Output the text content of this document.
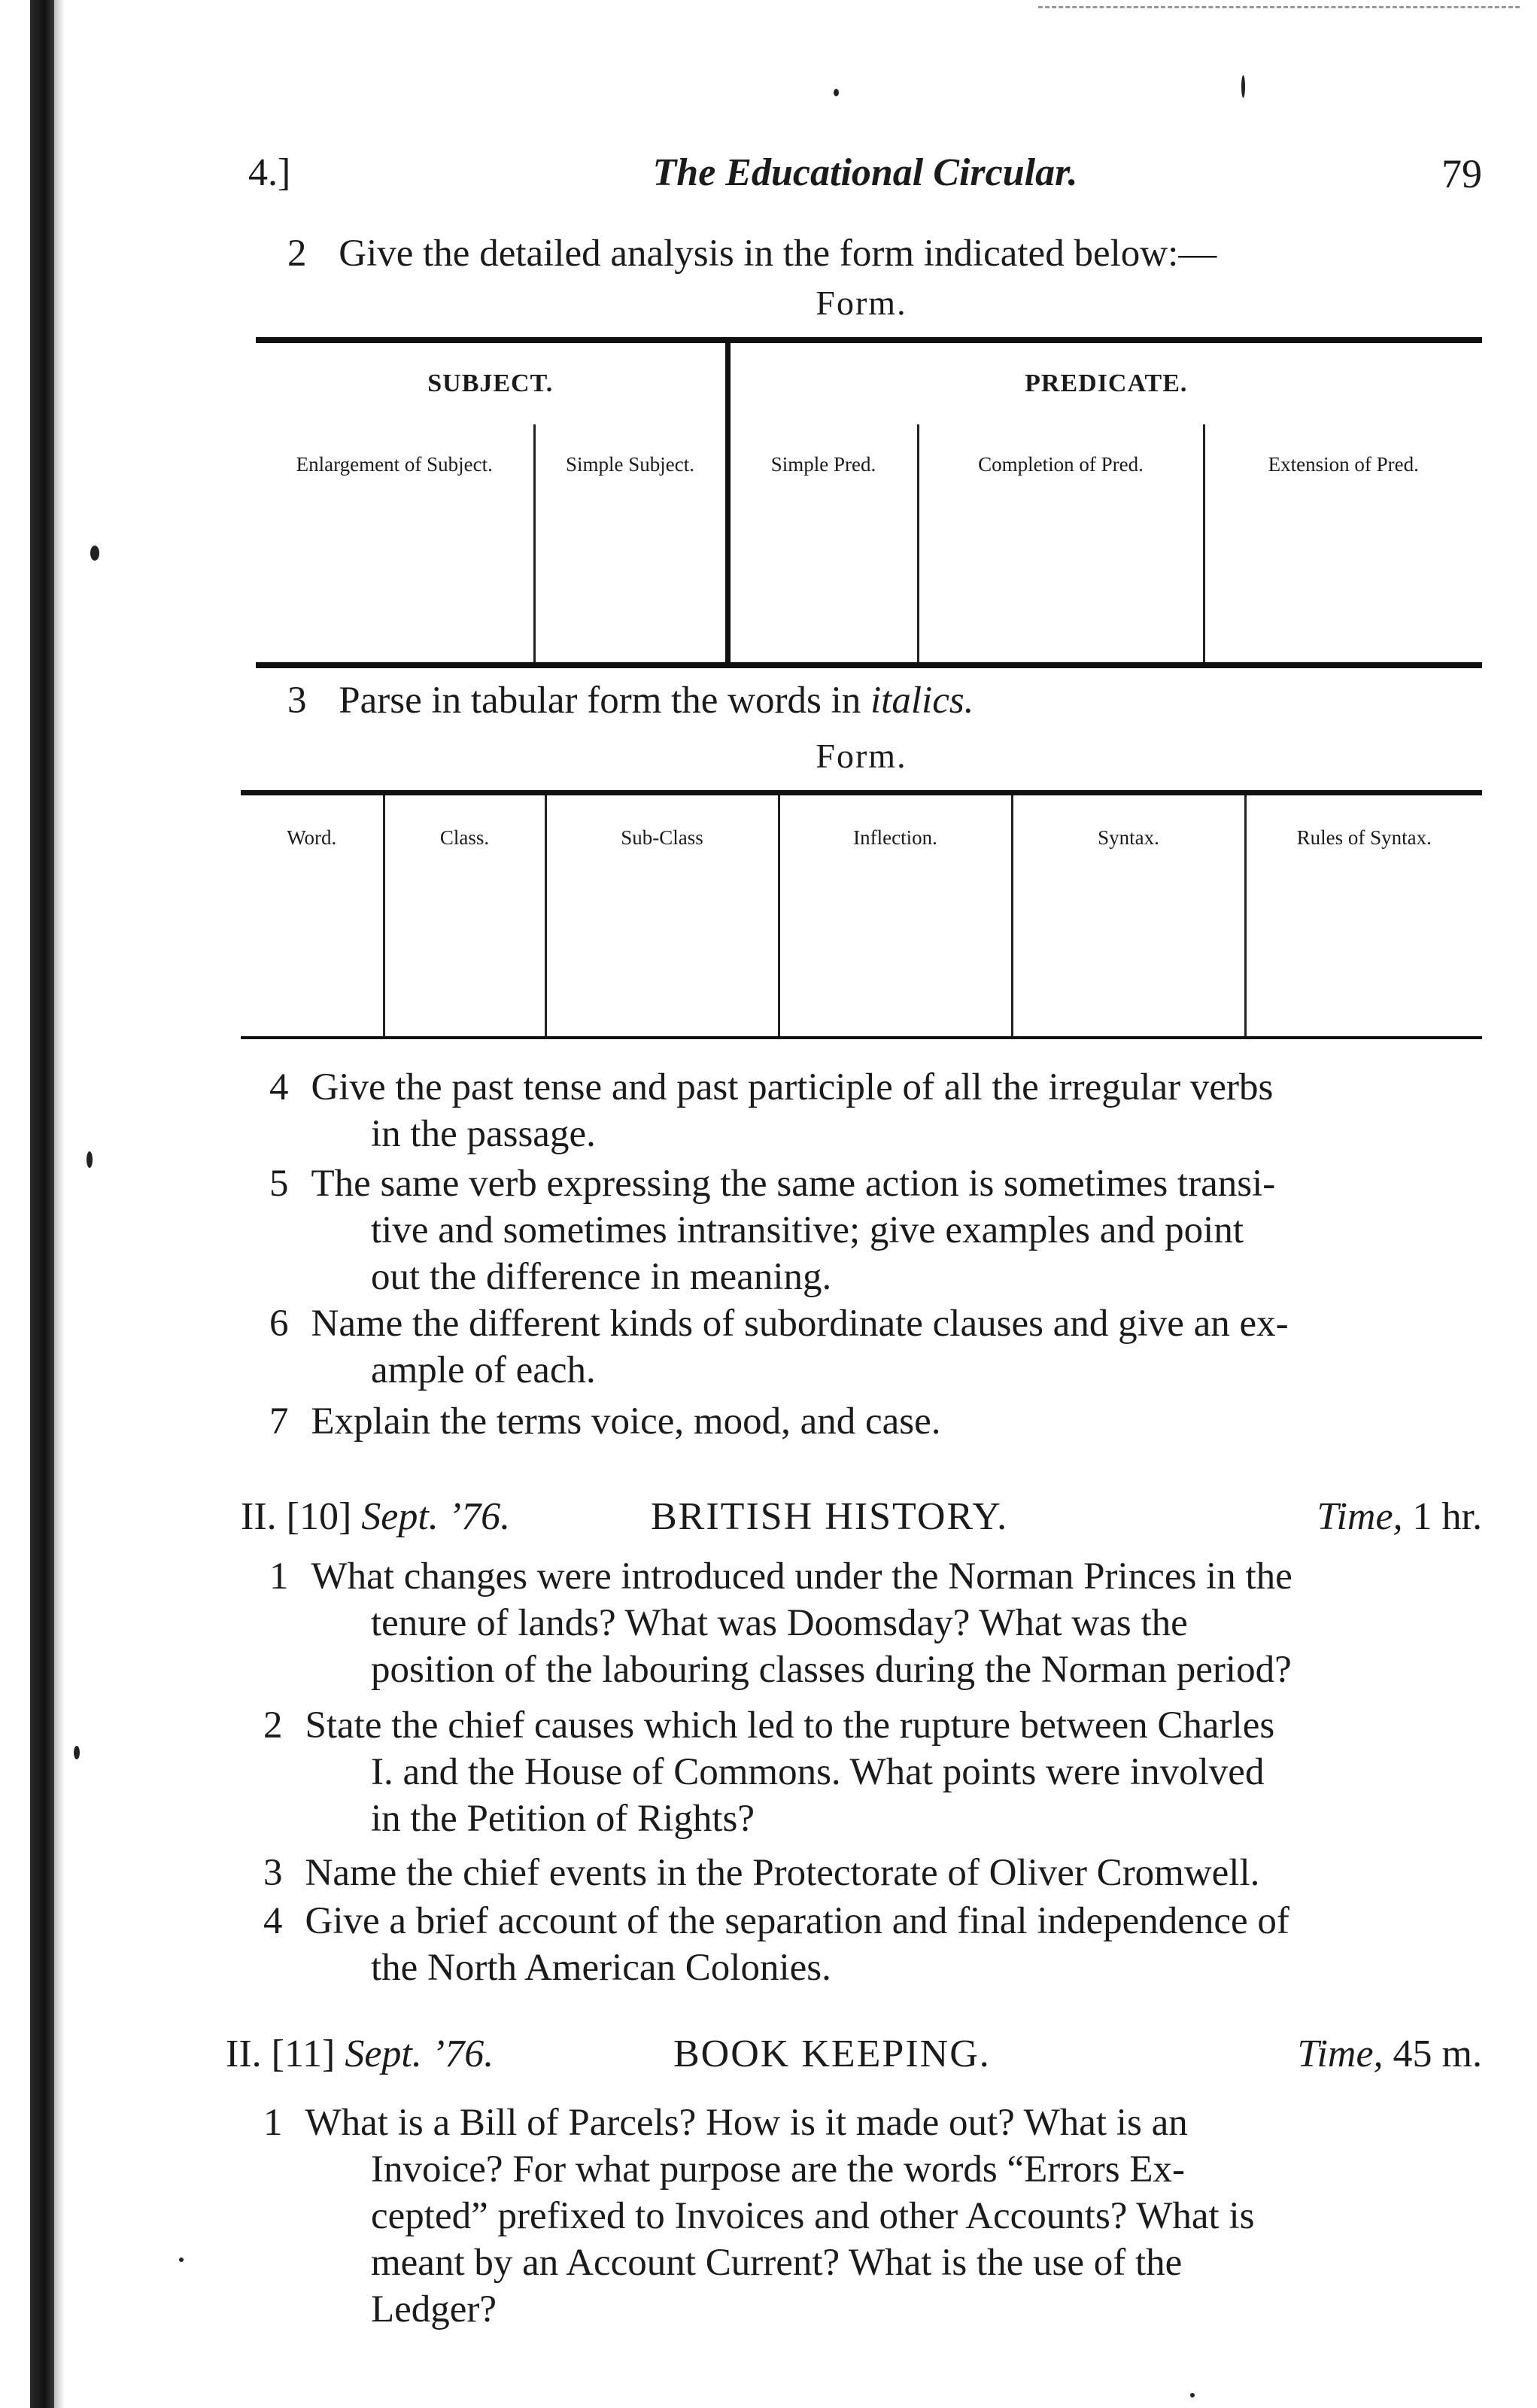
4.]	The Educational Circular.	79
2 Give the detailed analysis in the form indicated below:—
Form.
SUBJECT.		PREDICATE.		
Enlargement of Subject.	Simple Subject.	Simple Pred.	Completion of Pred.	Extension of Pred.

3 Parse in tabular form the words in italics.
Form.
Word.	Class.	Sub-Class	Inflection.	Syntax.	Rules of Syntax.

4 Give the past tense and past participle of all the irregular verbs
in the passage.
5 The same verb expressing the same action is sometimes transi-
tive and sometimes intransitive; give examples and point
out the difference in meaning.
6 Name the different kinds of subordinate clauses and give an ex-
ample of each.
7 Explain the terms voice, mood, and case.
II. [10] Sept. ’76.	BRITISH HISTORY.	Time, 1 hr.
1 What changes were introduced under the Norman Princes in the
tenure of lands? What was Doomsday? What was the
position of the labouring classes during the Norman period?
2 State the chief causes which led to the rupture between Charles
I. and the House of Commons. What points were involved
in the Petition of Rights?
3 Name the chief events in the Protectorate of Oliver Cromwell.
4 Give a brief account of the separation and final independence of
the North American Colonies.
II. [11] Sept. ’76.	BOOK KEEPING.	Time, 45 m.
1 What is a Bill of Parcels? How is it made out? What is an
Invoice? For what purpose are the words “Errors Ex-
cepted” prefixed to Invoices and other Accounts? What is
meant by an Account Current? What is the use of the
Ledger?
